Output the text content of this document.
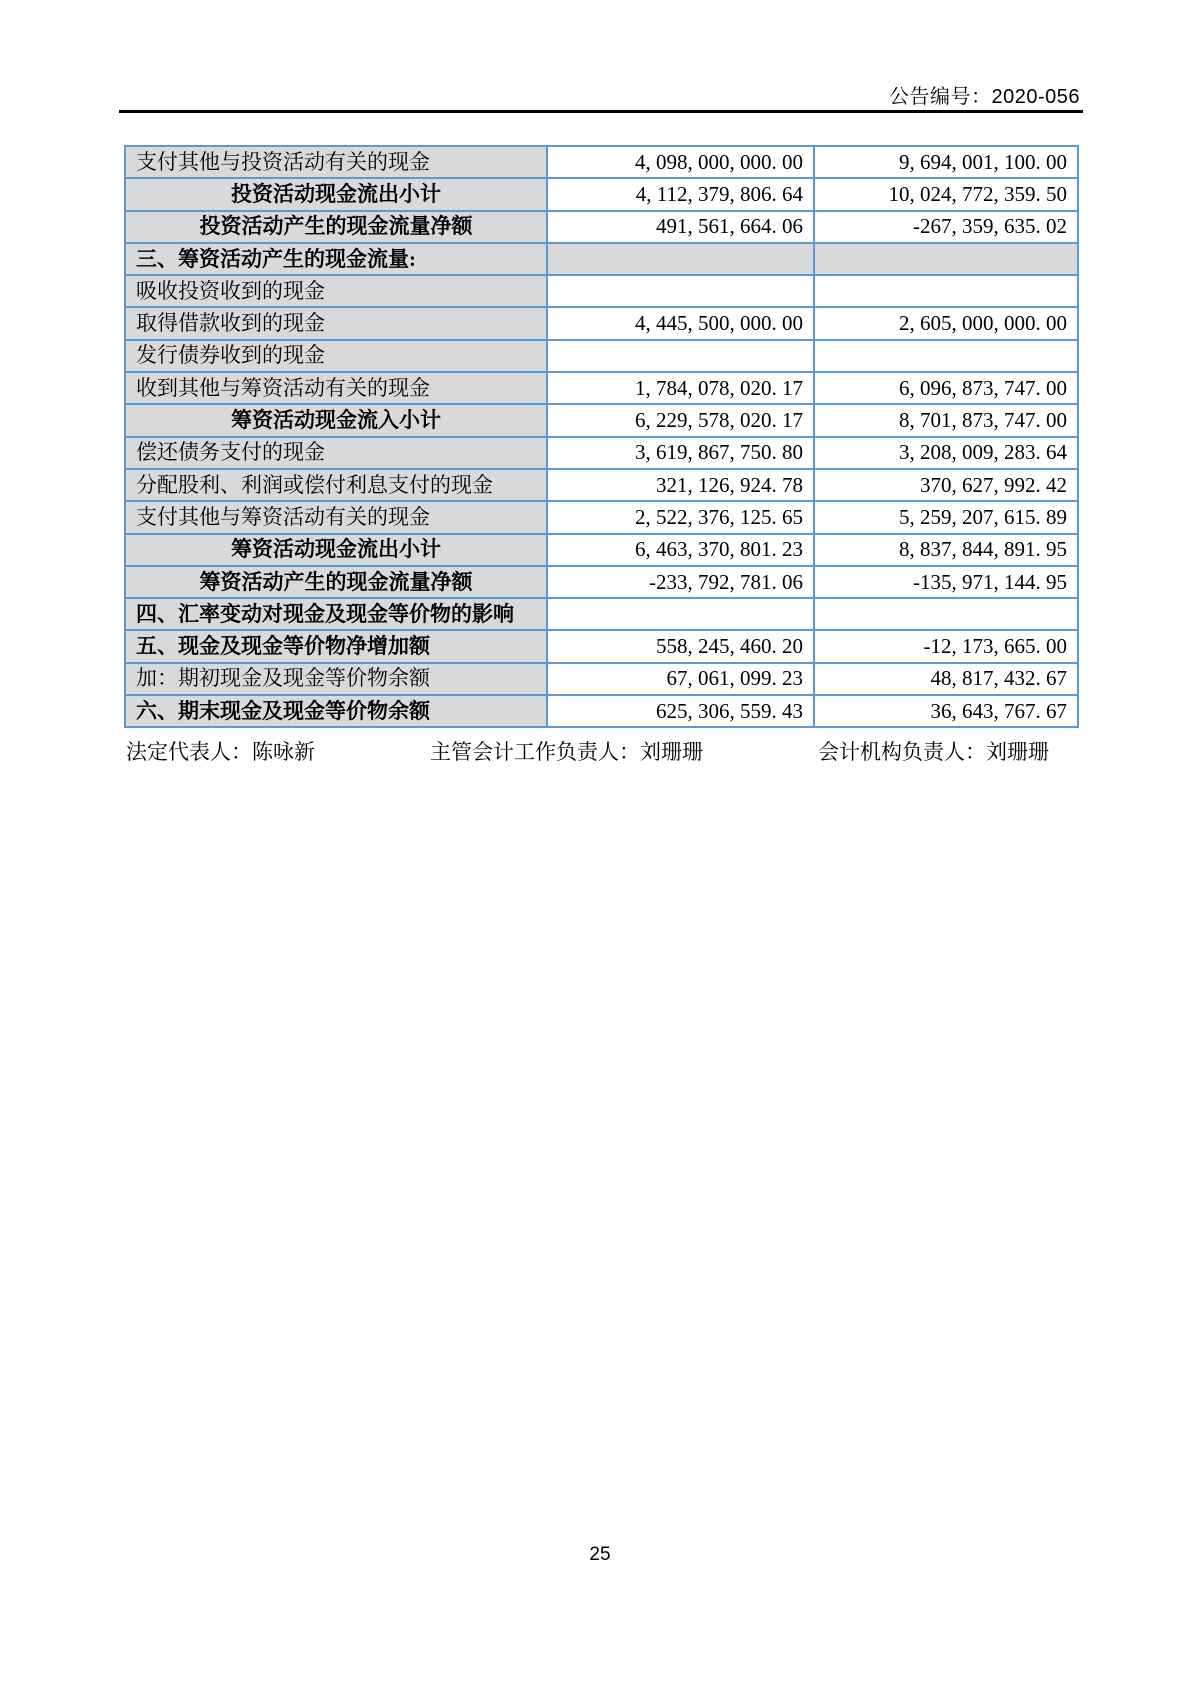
公告编号：2020-056
支付其他与投资活动有关的现金	4, 098, 000, 000. 00	9, 694, 001, 100. 00
投资活动现金流出小计	4, 112, 379, 806. 64	10, 024, 772, 359. 50
投资活动产生的现金流量净额	491, 561, 664. 06	-267, 359, 635. 02
三、筹资活动产生的现金流量:		
吸收投资收到的现金		
取得借款收到的现金	4, 445, 500, 000. 00	2, 605, 000, 000. 00
发行债券收到的现金		
收到其他与筹资活动有关的现金	1, 784, 078, 020. 17	6, 096, 873, 747. 00
筹资活动现金流入小计	6, 229, 578, 020. 17	8, 701, 873, 747. 00
偿还债务支付的现金	3, 619, 867, 750. 80	3, 208, 009, 283. 64
分配股利、利润或偿付利息支付的现金	321, 126, 924. 78	370, 627, 992. 42
支付其他与筹资活动有关的现金	2, 522, 376, 125. 65	5, 259, 207, 615. 89
筹资活动现金流出小计	6, 463, 370, 801. 23	8, 837, 844, 891. 95
筹资活动产生的现金流量净额	-233, 792, 781. 06	-135, 971, 144. 95
四、汇率变动对现金及现金等价物的影响		
五、现金及现金等价物净增加额	558, 245, 460. 20	-12, 173, 665. 00
加：期初现金及现金等价物余额	67, 061, 099. 23	48, 817, 432. 67
六、期末现金及现金等价物余额	625, 306, 559. 43	36, 643, 767. 67
法定代表人：陈咏新	主管会计工作负责人：刘珊珊	会计机构负责人：刘珊珊
25
